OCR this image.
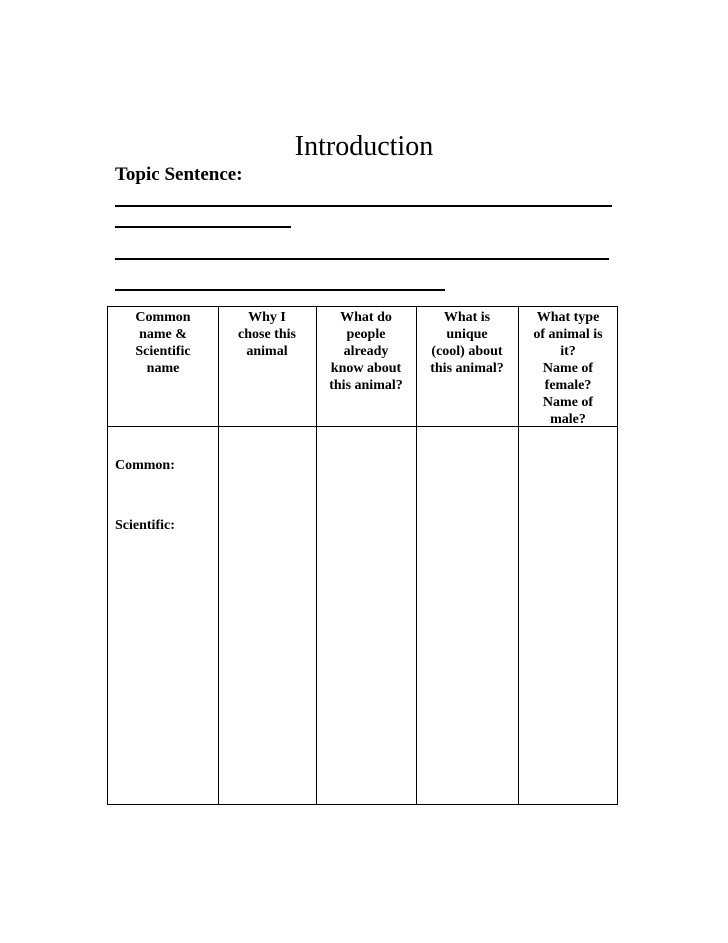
Introduction
Topic Sentence:
Common
name &
Scientific
name
Why I
chose this
animal
What do
people
already
know about
this animal?
What is
unique
(cool) about
this animal?
What type
of animal is
it?
Name of
female?
Name of
male?
Common:
Scientific:
